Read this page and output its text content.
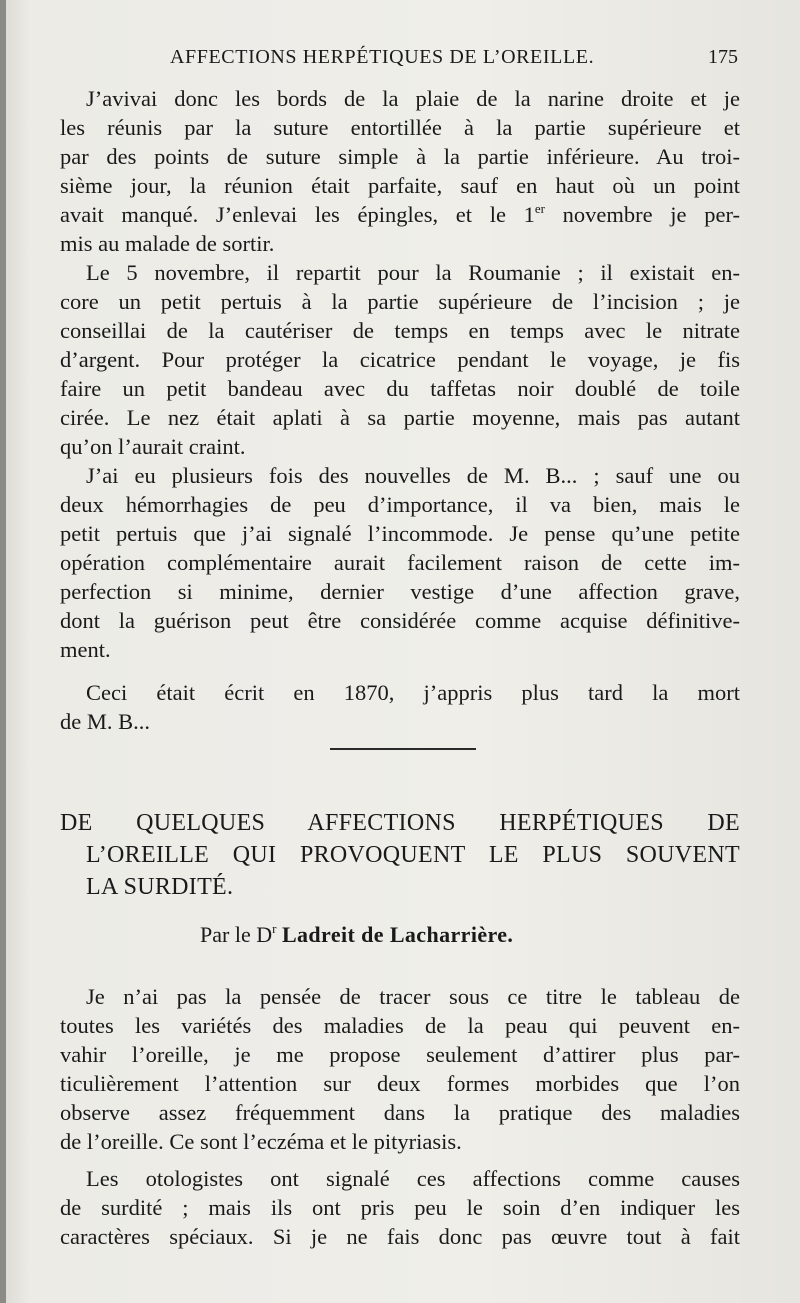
AFFECTIONS HERPÉTIQUES DE L’OREILLE.	175
J’avivai donc les bords de la plaie de la narine droite et je
les réunis par la suture entortillée à la partie supérieure et
par des points de suture simple à la partie inférieure. Au troi-
sième jour, la réunion était parfaite, sauf en haut où un point
avait manqué. J’enlevai les épingles, et le 1er novembre je per-
mis au malade de sortir.
Le 5 novembre, il repartit pour la Roumanie ; il existait en-
core un petit pertuis à la partie supérieure de l’incision ; je
conseillai de la cautériser de temps en temps avec le nitrate
d’argent. Pour protéger la cicatrice pendant le voyage, je fis
faire un petit bandeau avec du taffetas noir doublé de toile
cirée. Le nez était aplati à sa partie moyenne, mais pas autant
qu’on l’aurait craint.
J’ai eu plusieurs fois des nouvelles de M. B... ; sauf une ou
deux hémorrhagies de peu d’importance, il va bien, mais le
petit pertuis que j’ai signalé l’incommode. Je pense qu’une petite
opération complémentaire aurait facilement raison de cette im-
perfection si minime, dernier vestige d’une affection grave,
dont la guérison peut être considérée comme acquise définitive-
ment.
Ceci était écrit en 1870, j’appris plus tard la mort
de M. B...
DE QUELQUES AFFECTIONS HERPÉTIQUES DE
L’OREILLE QUI PROVOQUENT LE PLUS SOUVENT
LA SURDITÉ.
Par le $D^r$ Ladreit de Lacharrière.
Je n’ai pas la pensée de tracer sous ce titre le tableau de
toutes les variétés des maladies de la peau qui peuvent en-
vahir l’oreille, je me propose seulement d’attirer plus par-
ticulièrement l’attention sur deux formes morbides que l’on
observe assez fréquemment dans la pratique des maladies
de l’oreille. Ce sont l’eczéma et le pityriasis.
Les otologistes ont signalé ces affections comme causes
de surdité ; mais ils ont pris peu le soin d’en indiquer les
caractères spéciaux. Si je ne fais donc pas œuvre tout à fait
